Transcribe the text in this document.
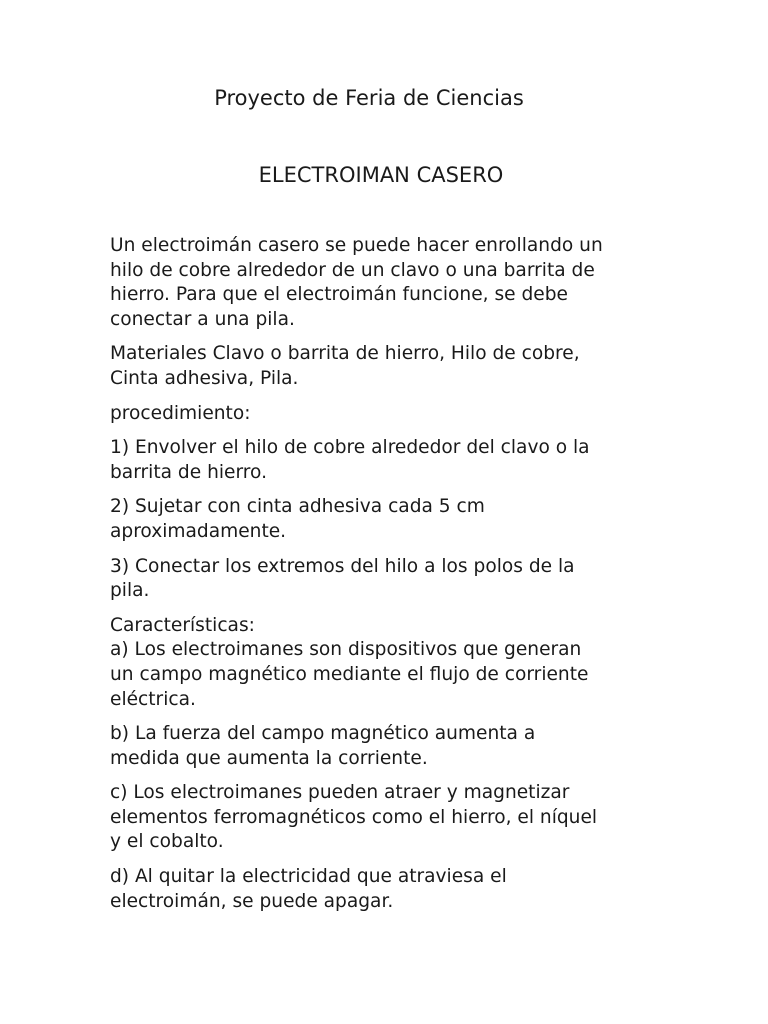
Proyecto de Feria de Ciencias
ELECTROIMAN CASERO

Un electroimán casero se puede hacer enrollando un
hilo de cobre alrededor de un clavo o una barrita de
hierro. Para que el electroimán funcione, se debe
conectar a una pila.

Materiales Clavo o barrita de hierro, Hilo de cobre,
Cinta adhesiva, Pila.

procedimiento:

1) Envolver el hilo de cobre alrededor del clavo o la
barrita de hierro.

2) Sujetar con cinta adhesiva cada 5 cm
aproximadamente.

3) Conectar los extremos del hilo a los polos de la
pila.

Características:
a) Los electroimanes son dispositivos que generan
un campo magnético mediante el flujo de corriente
eléctrica.

b) La fuerza del campo magnético aumenta a
medida que aumenta la corriente.

c) Los electroimanes pueden atraer y magnetizar
elementos ferromagnéticos como el hierro, el níquel
y el cobalto.

d) Al quitar la electricidad que atraviesa el
electroimán, se puede apagar.
